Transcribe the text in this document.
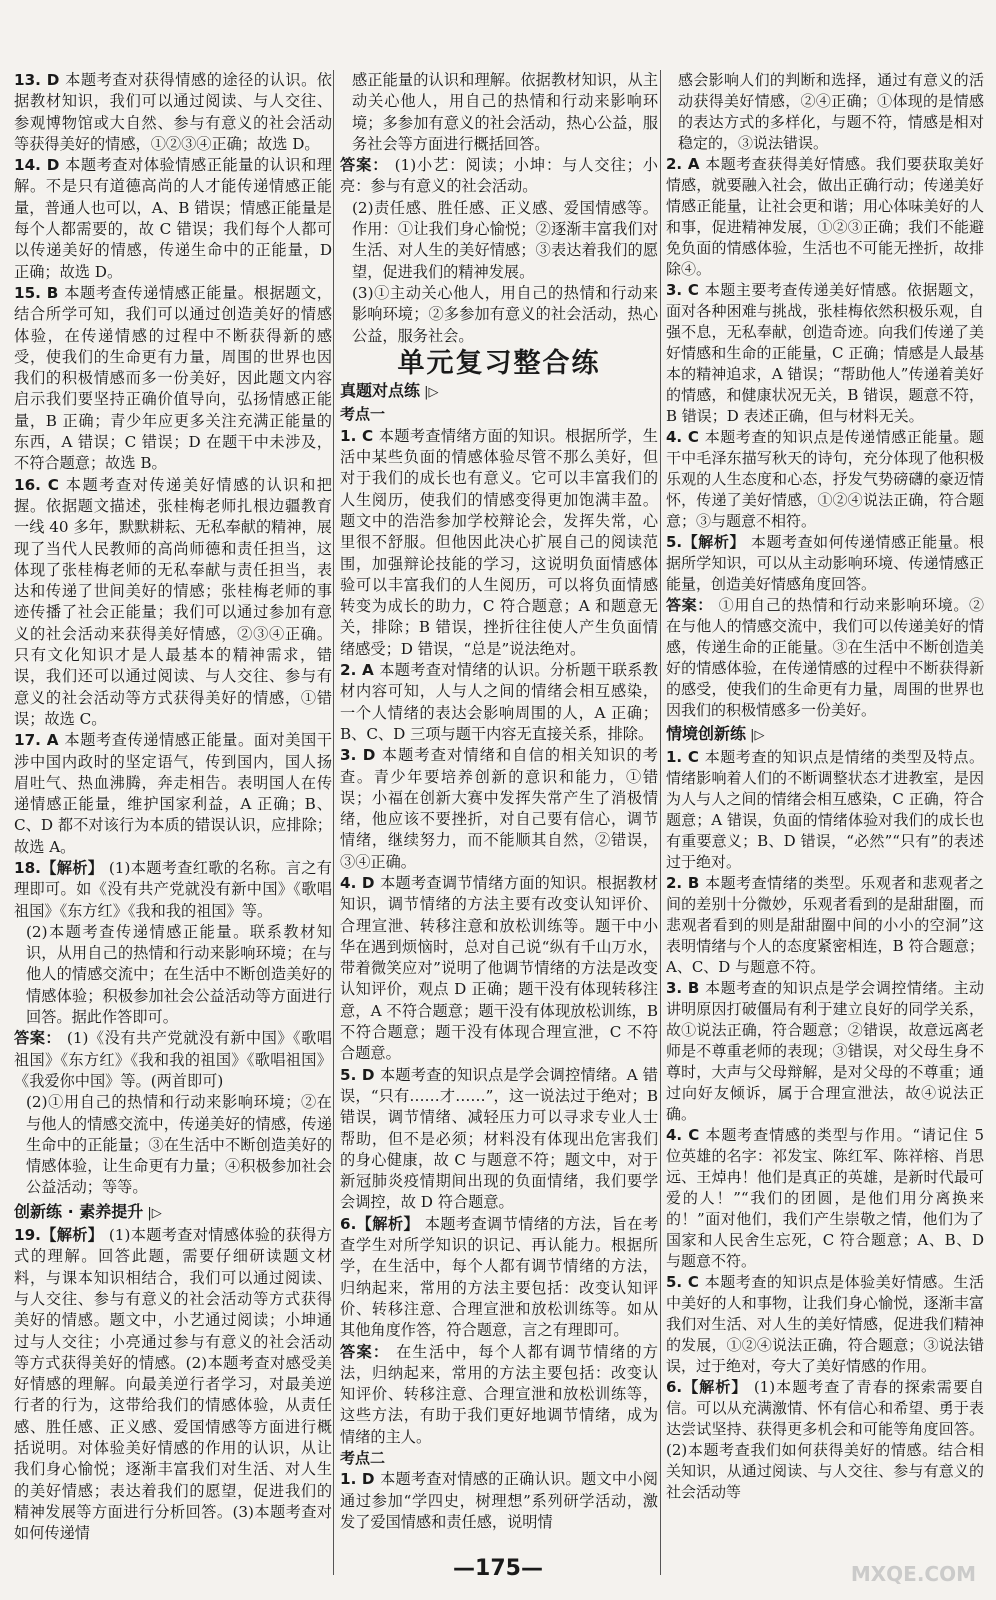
13. D 本题考查对获得情感的途径的认识。依据教材知识，我们可以通过阅读、与人交往、参观博物馆或大自然、参与有意义的社会活动等获得美好的情感，①②③④正确；故选 D。

14. D 本题考查对体验情感正能量的认识和理解。不是只有道德高尚的人才能传递情感正能量，普通人也可以，A、B 错误；情感正能量是每个人都需要的，故 C 错误；我们每个人都可以传递美好的情感，传递生命中的正能量，D 正确；故选 D。

15. B 本题考查传递情感正能量。根据题文，结合所学可知，我们可以通过创造美好的情感体验，在传递情感的过程中不断获得新的感受，使我们的生命更有力量，周围的世界也因我们的积极情感而多一份美好，因此题文内容启示我们要坚持正确价值导向，弘扬情感正能量，B 正确；青少年应更多关注充满正能量的东西，A 错误；C 错误；D 在题干中未涉及，不符合题意；故选 B。

16. C 本题考查对传递美好情感的认识和把握。依据题文描述，张桂梅老师扎根边疆教育一线 40 多年，默默耕耘、无私奉献的精神，展现了当代人民教师的高尚师德和责任担当，这体现了张桂梅老师的无私奉献与责任担当，表达和传递了世间美好的情感；张桂梅老师的事迹传播了社会正能量；我们可以通过参加有意义的社会活动来获得美好情感，②③④正确。只有文化知识才是人最基本的精神需求，错误，我们还可以通过阅读、与人交往、参与有意义的社会活动等方式获得美好的情感，①错误；故选 C。

17. A 本题考查传递情感正能量。面对美国干涉中国内政时的坚定语气，传到国内，国人扬眉吐气、热血沸腾，奔走相告。表明国人在传递情感正能量，维护国家利益，A 正确；B、C、D 都不对该行为本质的错误认识，应排除；故选 A。

18.【解析】 (1)本题考查红歌的名称。言之有理即可。如《没有共产党就没有新中国》《歌唱祖国》《东方红》《我和我的祖国》等。

(2)本题考查传递情感正能量。联系教材知识，从用自己的热情和行动来影响环境；在与他人的情感交流中；在生活中不断创造美好的情感体验；积极参加社会公益活动等方面进行回答。据此作答即可。

答案： (1)《没有共产党就没有新中国》《歌唱祖国》《东方红》《我和我的祖国》《歌唱祖国》《我爱你中国》等。(两首即可)

(2)①用自己的热情和行动来影响环境；②在与他人的情感交流中，传递美好的情感，传递生命中的正能量；③在生活中不断创造美好的情感体验，让生命更有力量；④积极参加社会公益活动；等等。

创新练 · 素养提升 |▷

19.【解析】 (1)本题考查对情感体验的获得方式的理解。回答此题，需要仔细研读题文材料，与课本知识相结合，我们可以通过阅读、与人交往、参与有意义的社会活动等方式获得美好的情感。题文中，小艺通过阅读；小坤通过与人交往；小亮通过参与有意义的社会活动等方式获得美好的情感。(2)本题考查对感受美好情感的理解。向最美逆行者学习，对最美逆行者的行为，这带给我们的情感体验，从责任感、胜任感、正义感、爱国情感等方面进行概括说明。对体验美好情感的作用的认识，从让我们身心愉悦；逐渐丰富我们对生活、对人生的美好情感；表达着我们的愿望，促进我们的精神发展等方面进行分析回答。(3)本题考查对如何传递情

感正能量的认识和理解。依据教材知识，从主动关心他人，用自己的热情和行动来影响环境；多参加有意义的社会活动，热心公益，服务社会等方面进行概括回答。

答案： (1)小艺：阅读；小坤：与人交往；小亮：参与有意义的社会活动。

(2)责任感、胜任感、正义感、爱国情感等。作用：①让我们身心愉悦；②逐渐丰富我们对生活、对人生的美好情感；③表达着我们的愿望，促进我们的精神发展。

(3)①主动关心他人，用自己的热情和行动来影响环境；②多参加有意义的社会活动，热心公益，服务社会。

单元复习整合练
真题对点练 |▷
考点一

1. C 本题考查情绪方面的知识。根据所学，生活中某些负面的情感体验尽管不那么美好，但对于我们的成长也有意义。它可以丰富我们的人生阅历，使我们的情感变得更加饱满丰盈。题文中的浩浩参加学校辩论会，发挥失常，心里很不舒服。但他因此决心扩展自己的阅读范围，加强辩论技能的学习，这说明负面情感体验可以丰富我们的人生阅历，可以将负面情感转变为成长的助力，C 符合题意；A 和题意无关，排除；B 错误，挫折往往使人产生负面情绪感受；D 错误，“总是”说法绝对。

2. A 本题考查对情绪的认识。分析题干联系教材内容可知，人与人之间的情绪会相互感染，一个人情绪的表达会影响周围的人，A 正确；B、C、D 三项与题干内容无直接关系，排除。

3. D 本题考查对情绪和自信的相关知识的考查。青少年要培养创新的意识和能力，①错误；小福在创新大赛中发挥失常产生了消极情绪，他应该不要挫折，对自己要有信心，调节情绪，继续努力，而不能顺其自然，②错误，③④正确。

4. D 本题考查调节情绪方面的知识。根据教材知识，调节情绪的方法主要有改变认知评价、合理宣泄、转移注意和放松训练等。题干中小华在遇到烦恼时，总对自己说“纵有千山万水，带着微笑应对”说明了他调节情绪的方法是改变认知评价，观点 D 正确；题干没有体现转移注意，A 不符合题意；题干没有体现放松训练，B 不符合题意；题干没有体现合理宣泄，C 不符合题意。

5. D 本题考查的知识点是学会调控情绪。A 错误，“只有……才……”，这一说法过于绝对；B 错误，调节情绪、减轻压力可以寻求专业人士帮助，但不是必须；材料没有体现出危害我们的身心健康，故 C 与题意不符；题文中，对于新冠肺炎疫情期间出现的负面情绪，我们要学会调控，故 D 符合题意。

6.【解析】 本题考查调节情绪的方法，旨在考查学生对所学知识的识记、再认能力。根据所学，在生活中，每个人都有调节情绪的方法，归纳起来，常用的方法主要包括：改变认知评价、转移注意、合理宣泄和放松训练等。如从其他角度作答，符合题意，言之有理即可。

答案： 在生活中，每个人都有调节情绪的方法，归纳起来，常用的方法主要包括：改变认知评价、转移注意、合理宣泄和放松训练等，这些方法，有助于我们更好地调节情绪，成为情绪的主人。

考点二

1. D 本题考查对情感的正确认识。题文中小阅通过参加“学四史，树理想”系列研学活动，激发了爱国情感和责任感，说明情

感会影响人们的判断和选择，通过有意义的活动获得美好情感，②④正确；①体现的是情感的表达方式的多样化，与题不符，情感是相对稳定的，③说法错误。

2. A 本题考查获得美好情感。我们要获取美好情感，就要融入社会，做出正确行动；传递美好情感正能量，让社会更和谐；用心体味美好的人和事，促进精神发展，①②③正确；我们不能避免负面的情感体验，生活也不可能无挫折，故排除④。

3. C 本题主要考查传递美好情感。依据题文，面对各种困难与挑战，张桂梅依然积极乐观，自强不息，无私奉献，创造奇迹。向我们传递了美好情感和生命的正能量，C 正确；情感是人最基本的精神追求，A 错误；“帮助他人”传递着美好的情感，和健康状况无关，B 错误，题意不符，B 错误；D 表述正确，但与材料无关。

4. C 本题考查的知识点是传递情感正能量。题干中毛泽东描写秋天的诗句，充分体现了他积极乐观的人生态度和心态，抒发气势磅礴的豪迈情怀，传递了美好情感，①②④说法正确，符合题意；③与题意不相符。

5.【解析】 本题考查如何传递情感正能量。根据所学知识，可以从主动影响环境、传递情感正能量，创造美好情感角度回答。

答案： ①用自己的热情和行动来影响环境。②在与他人的情感交流中，我们可以传递美好的情感，传递生命的正能量。③在生活中不断创造美好的情感体验，在传递情感的过程中不断获得新的感受，使我们的生命更有力量，周围的世界也因我们的积极情感多一份美好。

情境创新练 |▷

1. C 本题考查的知识点是情绪的类型及特点。情绪影响着人们的不断调整状态才进教室，是因为人与人之间的情绪会相互感染，C 正确，符合题意；A 错误，负面的情绪体验对我们的成长也有重要意义；B、D 错误，“必然”“只有”的表述过于绝对。

2. B 本题考查情绪的类型。乐观者和悲观者之间的差别十分微妙，乐观者看到的是甜甜圈，而悲观者看到的则是甜甜圈中间的小小的空洞”这表明情绪与个人的态度紧密相连，B 符合题意；A、C、D 与题意不符。

3. B 本题考查的知识点是学会调控情绪。主动讲明原因打破僵局有利于建立良好的同学关系，故①说法正确，符合题意；②错误，故意远离老师是不尊重老师的表现；③错误，对父母生身不尊时，大声与父母辩解，是对父母的不尊重；通过向好友倾诉，属于合理宣泄法，故④说法正确。

4. C 本题考查情感的类型与作用。“请记住 5 位英雄的名字：祁发宝、陈红军、陈祥榕、肖思远、王焯冉！他们是真正的英雄，是新时代最可爱的人！”“我们的团圆，是他们用分离换来的！”面对他们，我们产生崇敬之情，他们为了国家和人民舍生忘死，C 符合题意；A、B、D 与题意不符。

5. C 本题考查的知识点是体验美好情感。生活中美好的人和事物，让我们身心愉悦，逐渐丰富我们对生活、对人生的美好情感，促进我们精神的发展，①②④说法正确，符合题意；③说法错误，过于绝对，夸大了美好情感的作用。

6.【解析】 (1)本题考查了青春的探索需要自信。可以从充满激情、怀有信心和希望、勇于表达尝试坚持、获得更多机会和可能等角度回答。(2)本题考查我们如何获得美好的情感。结合相关知识，从通过阅读、与人交往、参与有意义的社会活动等

—175—	MXQE.COM
